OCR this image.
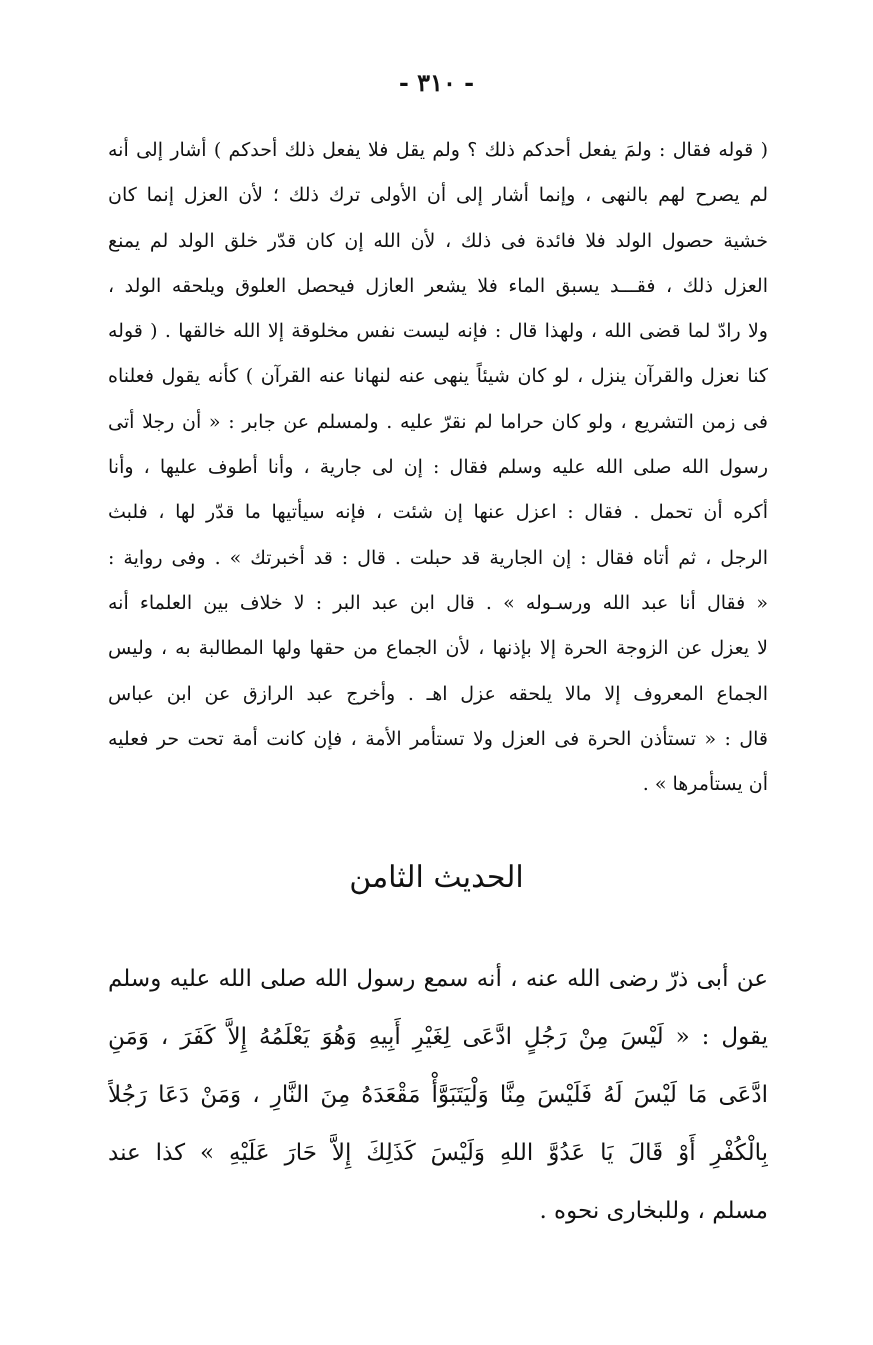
- ٣١٠ -
( قوله فقال : ولمَ يفعل أحدكم ذلك ؟ ولم يقل فلا يفعل ذلك أحدكم ) أشار إلى أنه
لم يصرح لهم بالنهى ، وإنما أشار إلى أن الأولى ترك ذلك ؛ لأن العزل إنما كان
خشية حصول الولد فلا فائدة فى ذلك ، لأن الله إن كان قدّر خلق الولد لم يمنع
العزل ذلك ، فقـــد يسبق الماء فلا يشعر العازل فيحصل العلوق ويلحقه الولد ،
ولا رادّ لما قضى الله ، ولهذا قال : فإنه ليست نفس مخلوقة إلا الله خالقها . ( قوله
كنا نعزل والقرآن ينزل ، لو كان شيئاً ينهى عنه لنهانا عنه القرآن ) كأنه يقول فعلناه
فى زمن التشريع ، ولو كان حراما لم نقرّ عليه . ولمسلم عن جابر : « أن رجلا أتى
رسول الله صلى الله عليه وسلم فقال : إن لى جارية ، وأنا أطوف عليها ، وأنا
أكره أن تحمل . فقال : اعزل عنها إن شئت ، فإنه سيأتيها ما قدّر لها ، فلبث
الرجل ، ثم أتاه فقال : إن الجارية قد حبلت . قال : قد أخبرتك » . وفى رواية :
« فقال أنا عبد الله ورسـوله » . قال ابن عبد البر : لا خلاف بين العلماء أنه
لا يعزل عن الزوجة الحرة إلا بإذنها ، لأن الجماع من حقها ولها المطالبة به ، وليس
الجماع المعروف إلا مالا يلحقه عزل اهـ . وأخرج عبد الرازق عن ابن عباس
قال : « تستأذن الحرة فى العزل ولا تستأمر الأمة ، فإن كانت أمة تحت حر فعليه
أن يستأمرها » .
الحديث الثامن
عن أبى ذرّ رضى الله عنه ، أنه سمع رسول الله صلى الله عليه وسلم
يقول : « لَيْسَ مِنْ رَجُلٍ ادَّعَى لِغَيْرِ أَبِيهِ وَهُوَ يَعْلَمُهُ إِلاَّ كَفَرَ ، وَمَنِ
ادَّعَى مَا لَيْسَ لَهُ فَلَيْسَ مِنَّا وَلْيَتَبَوَّأْ مَقْعَدَهُ مِنَ النَّارِ ، وَمَنْ دَعَا رَجُلاً
بِالْكُفْرِ أَوْ قَالَ يَا عَدُوَّ اللهِ وَلَيْسَ كَذَلِكَ إِلاَّ حَارَ عَلَيْهِ » كذا عند
مسلم ، وللبخارى نحوه .
